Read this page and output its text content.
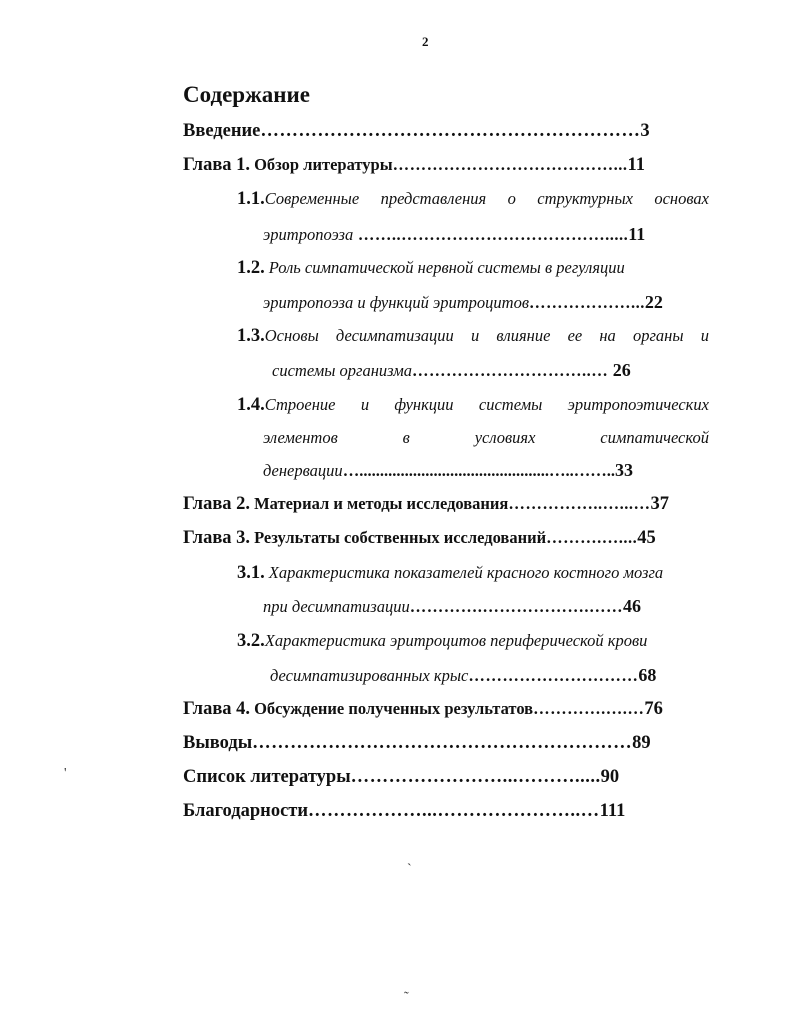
2
Содержание
Введение……………………………………………………3
Глава 1. Обзор литературы…………………………………...11
1.1.Современные представления о структурных основах
эритропоэза ……..……………………………….....11
1.2. Роль симпатической нервной системы в регуляции
эритропоэза и функций эритроцитов………………...22
1.3.Основы десимпатизации и влияние ее на органы и
системы организма…………………………..… 26
1.4.Строение и функции системы эритропоэтических
элементов	в	условиях	симпатической
денервации…..............................................…..……..33
Глава 2. Материал и методы исследования……………..…...…37
Глава 3. Результаты собственных исследований……….…....45
3.1. Характеристика показателей красного костного мозга
при десимпатизации………….……………….……46
3.2.Характеристика эритроцитов периферической крови
десимпатизированных крыс…………………………68
Глава 4. Обсуждение полученных результатов………….….…76
Выводы……………………………………………………89
Список литературы……………………...……….....90
Благодарности………………...…………………..…111
'
ˋ
˜
